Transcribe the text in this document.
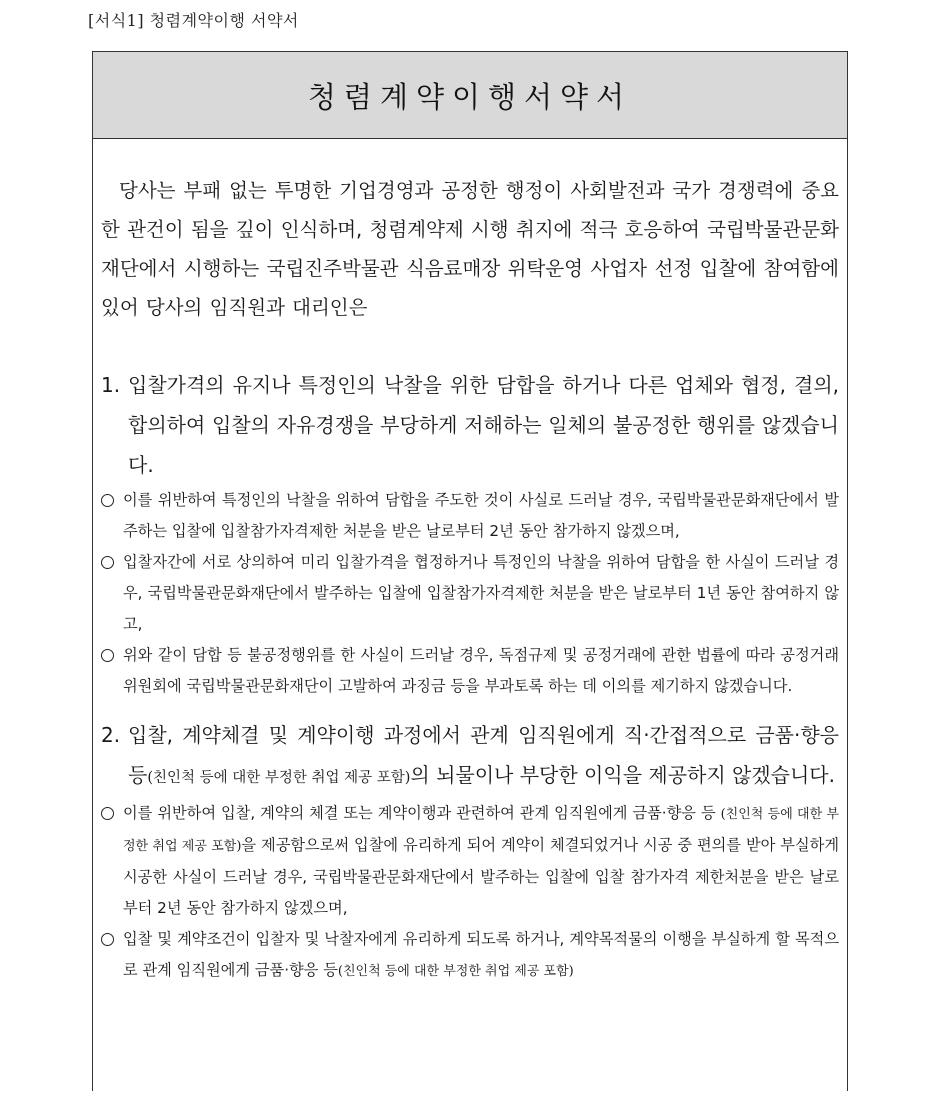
[서식1] 청렴계약이행 서약서
청렴계약이행서약서

당사는 부패 없는 투명한 기업경영과 공정한 행정이 사회발전과 국가 경쟁력에 중요한 관건이 됨을 깊이 인식하며, 청렴계약제 시행 취지에 적극 호응하여 국립박물관문화재단에서 시행하는 국립진주박물관 식음료매장 위탁운영 사업자 선정 입찰에 참여함에 있어 당사의 임직원과 대리인은

1. 입찰가격의 유지나 특정인의 낙찰을 위한 담합을 하거나 다른 업체와 협정, 결의, 합의하여 입찰의 자유경쟁을 부당하게 저해하는 일체의 불공정한 행위를 않겠습니다.
이를 위반하여 특정인의 낙찰을 위하여 담합을 주도한 것이 사실로 드러날 경우, 국립박물관문화재단에서 발주하는 입찰에 입찰참가자격제한 처분을 받은 날로부터 2년 동안 참가하지 않겠으며,
입찰자간에 서로 상의하여 미리 입찰가격을 협정하거나 특정인의 낙찰을 위하여 담합을 한 사실이 드러날 경우, 국립박물관문화재단에서 발주하는 입찰에 입찰참가자격제한 처분을 받은 날로부터 1년 동안 참여하지 않고,
위와 같이 담합 등 불공정행위를 한 사실이 드러날 경우, 독점규제 및 공정거래에 관한 법률에 따라 공정거래위원회에 국립박물관문화재단이 고발하여 과징금 등을 부과토록 하는 데 이의를 제기하지 않겠습니다.
2. 입찰, 계약체결 및 계약이행 과정에서 관계 임직원에게 직·간접적으로 금품·향응 등(친인척 등에 대한 부정한 취업 제공 포함)의 뇌물이나 부당한 이익을 제공하지 않겠습니다.
이를 위반하여 입찰, 계약의 체결 또는 계약이행과 관련하여 관계 임직원에게 금품·향응 등 (친인척 등에 대한 부정한 취업 제공 포함)을 제공함으로써 입찰에 유리하게 되어 계약이 체결되었거나 시공 중 편의를 받아 부실하게 시공한 사실이 드러날 경우, 국립박물관문화재단에서 발주하는 입찰에 입찰 참가자격 제한처분을 받은 날로부터 2년 동안 참가하지 않겠으며,
입찰 및 계약조건이 입찰자 및 낙찰자에게 유리하게 되도록 하거나, 계약목적물의 이행을 부실하게 할 목적으로 관계 임직원에게 금품·향응 등(친인척 등에 대한 부정한 취업 제공 포함)
